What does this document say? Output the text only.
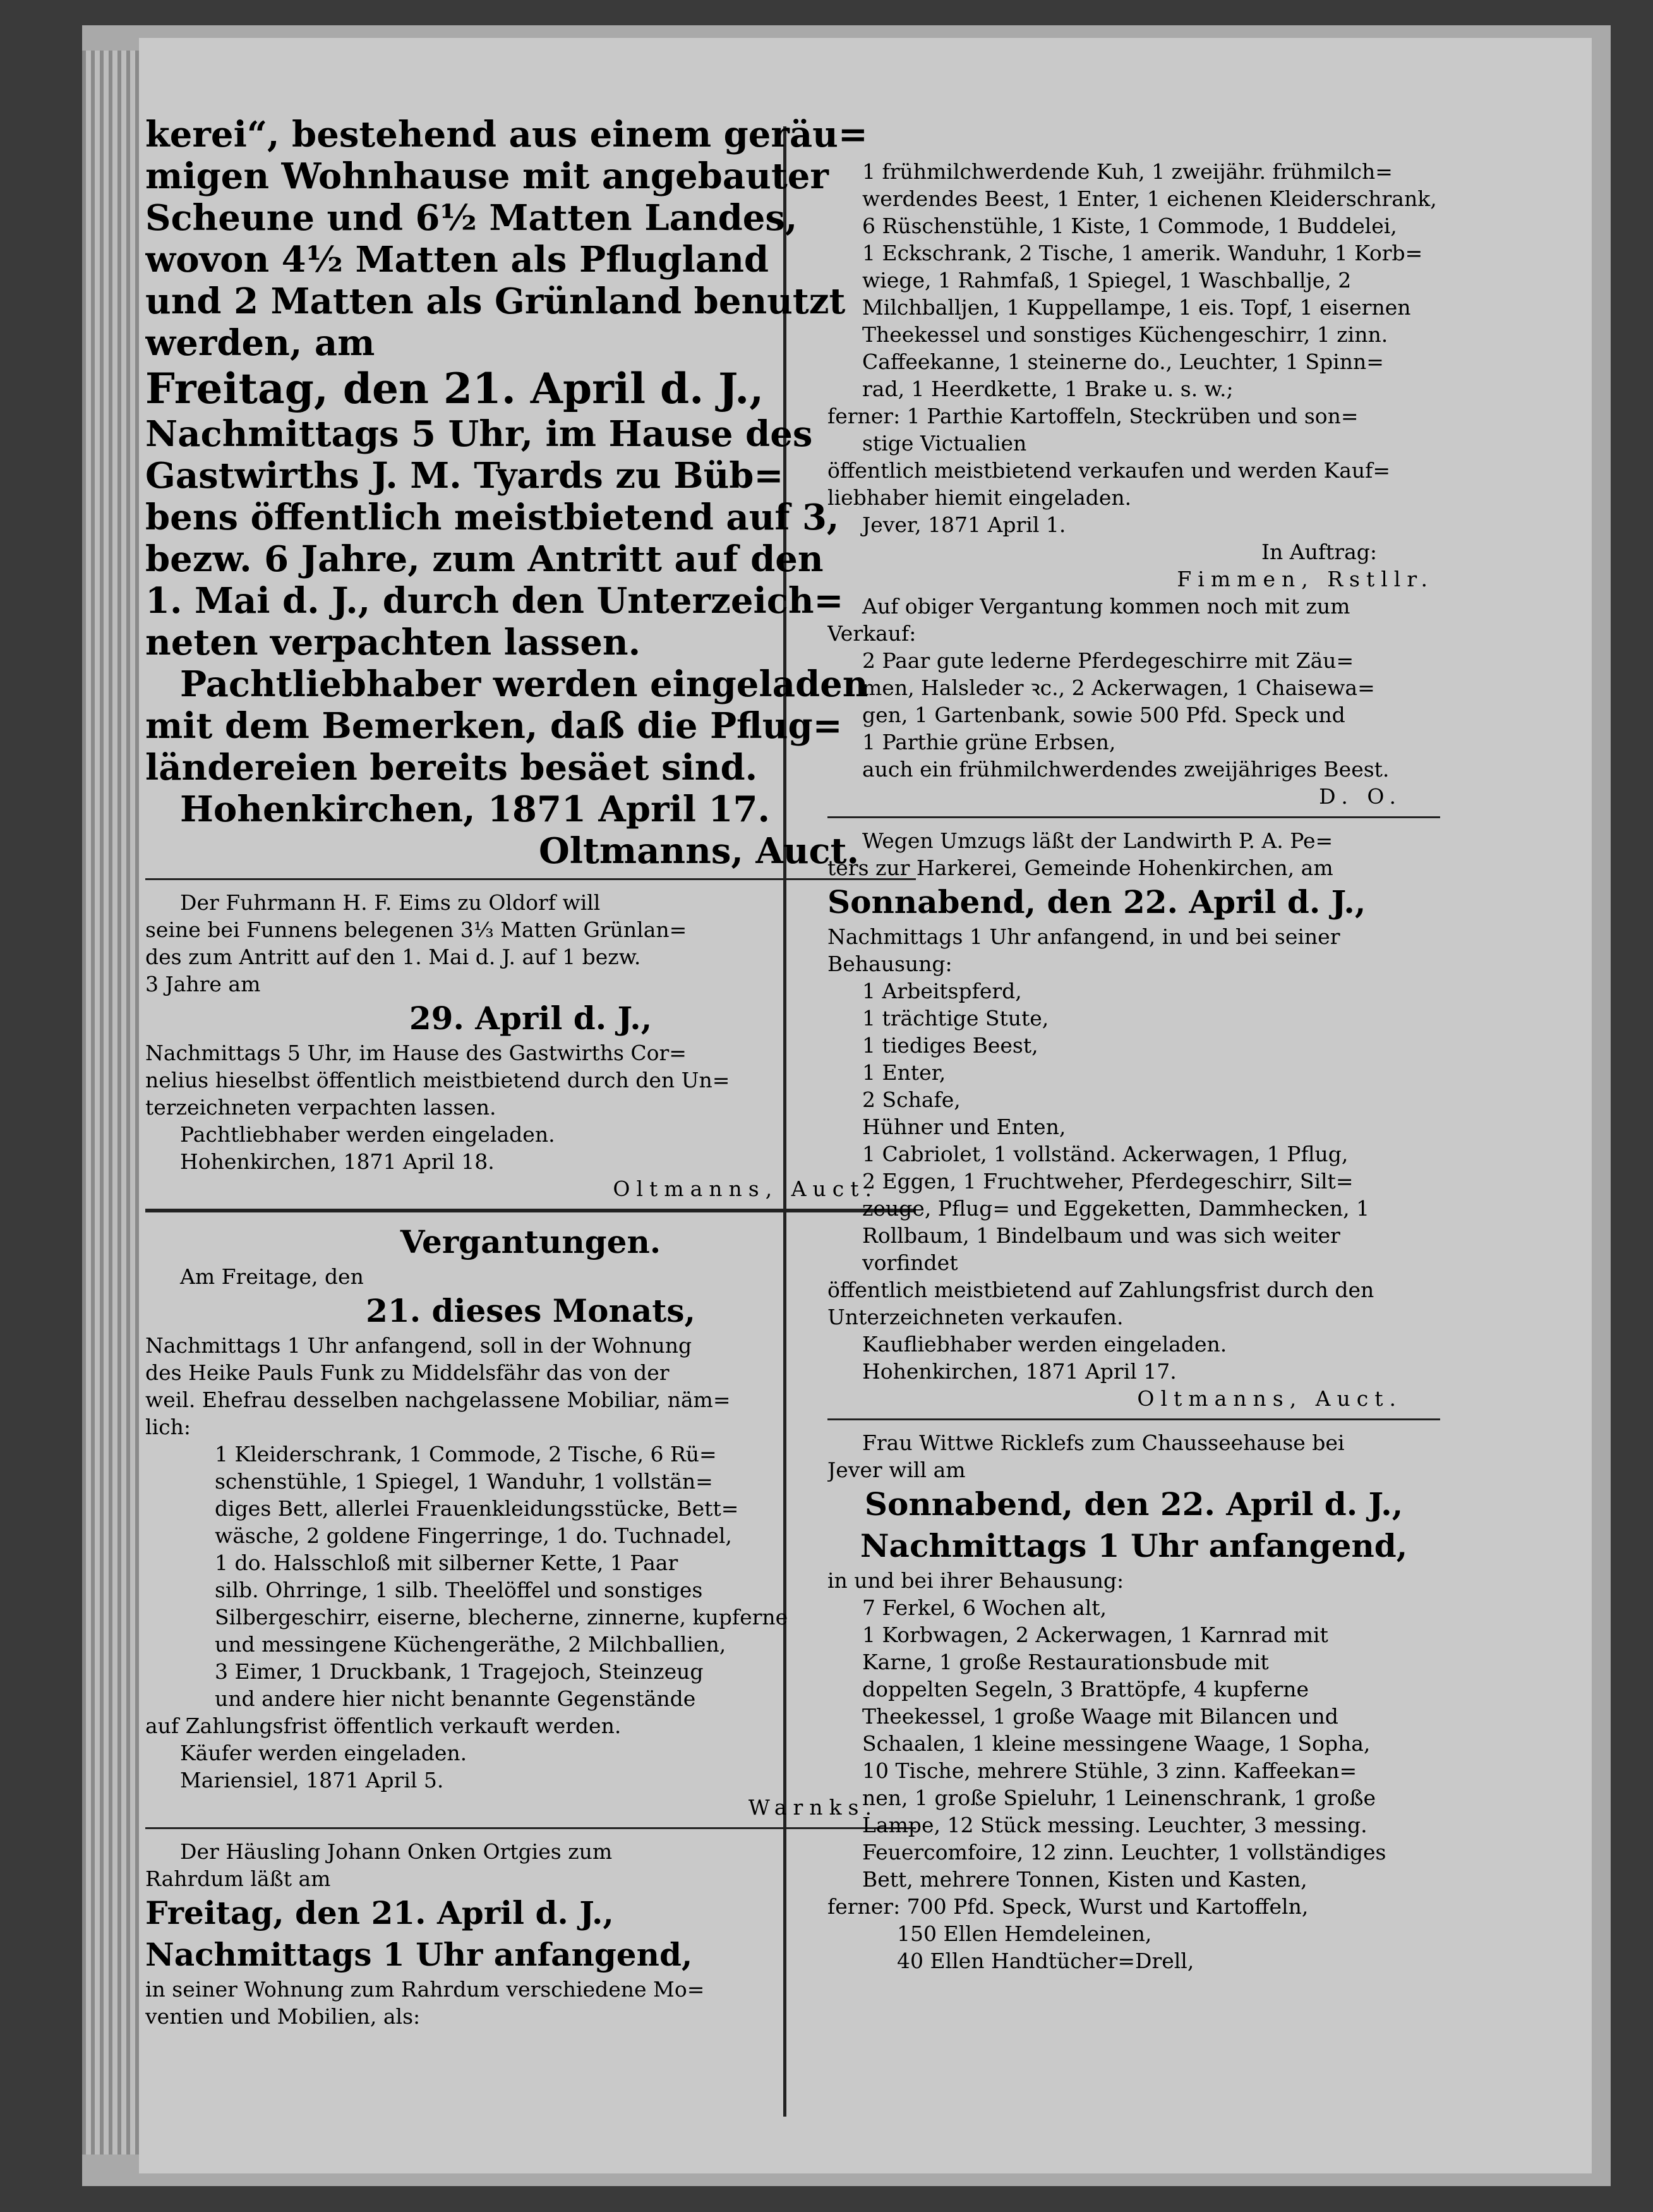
kerei“, bestehend aus einem geräu=
migen Wohnhause mit angebauter
Scheune und 6½ Matten Landes,
wovon 4½ Matten als Pflugland
und 2 Matten als Grünland benutzt
werden, am
Freitag, den 21. April d. J.,
Nachmittags 5 Uhr, im Hause des
Gastwirths J. M. Tyards zu Büb=
bens öffentlich meistbietend auf 3,
bezw. 6 Jahre, zum Antritt auf den
1. Mai d. J., durch den Unterzeich=
neten verpachten lassen.
Pachtliebhaber werden eingeladen
mit dem Bemerken, daß die Pflug=
ländereien bereits besäet sind.
Hohenkirchen, 1871 April 17.
Oltmanns, Auct.
Der Fuhrmann H. F. Eims zu Oldorf will
seine bei Funnens belegenen 3⅓ Matten Grünlan=
des zum Antritt auf den 1. Mai d. J. auf 1 bezw.
3 Jahre am
29. April d. J.,
Nachmittags 5 Uhr, im Hause des Gastwirths Cor=
nelius hieselbst öffentlich meistbietend durch den Un=
terzeichneten verpachten lassen.
Pachtliebhaber werden eingeladen.
Hohenkirchen, 1871 April 18.
Oltmanns, Auct.
Vergantungen.
Am Freitage, den
21. dieses Monats,
Nachmittags 1 Uhr anfangend, soll in der Wohnung
des Heike Pauls Funk zu Middelsfähr das von der
weil. Ehefrau desselben nachgelassene Mobiliar, näm=
lich:
1 Kleiderschrank, 1 Commode, 2 Tische, 6 Rü=
schenstühle, 1 Spiegel, 1 Wanduhr, 1 vollstän=
diges Bett, allerlei Frauenkleidungsstücke, Bett=
wäsche, 2 goldene Fingerringe, 1 do. Tuchnadel,
1 do. Halsschloß mit silberner Kette, 1 Paar
silb. Ohrringe, 1 silb. Theelöffel und sonstiges
Silbergeschirr, eiserne, blecherne, zinnerne, kupferne
und messingene Küchengeräthe, 2 Milchballien,
3 Eimer, 1 Druckbank, 1 Tragejoch, Steinzeug
und andere hier nicht benannte Gegenstände
auf Zahlungsfrist öffentlich verkauft werden.
Käufer werden eingeladen.
Mariensiel, 1871 April 5.
Warnks.
Der Häusling Johann Onken Ortgies zum
Rahrdum läßt am
Freitag, den 21. April d. J.,
Nachmittags 1 Uhr anfangend,
in seiner Wohnung zum Rahrdum verschiedene Mo=
ventien und Mobilien, als:
1 frühmilchwerdende Kuh, 1 zweijähr. frühmilch=
werdendes Beest, 1 Enter, 1 eichenen Kleiderschrank,
6 Rüschenstühle, 1 Kiste, 1 Commode, 1 Buddelei,
1 Eckschrank, 2 Tische, 1 amerik. Wanduhr, 1 Korb=
wiege, 1 Rahmfaß, 1 Spiegel, 1 Waschballje, 2
Milchballjen, 1 Kuppellampe, 1 eis. Topf, 1 eisernen
Theekessel und sonstiges Küchengeschirr, 1 zinn.
Caffeekanne, 1 steinerne do., Leuchter, 1 Spinn=
rad, 1 Heerdkette, 1 Brake u. s. w.;
ferner: 1 Parthie Kartoffeln, Steckrüben und son=
stige Victualien
öffentlich meistbietend verkaufen und werden Kauf=
liebhaber hiemit eingeladen.
Jever, 1871 April 1.
In Auftrag:
Fimmen, Rstllr.
Auf obiger Vergantung kommen noch mit zum
Verkauf:
2 Paar gute lederne Pferdegeschirre mit Zäu=
men, Halsleder ꝛc., 2 Ackerwagen, 1 Chaisewa=
gen, 1 Gartenbank, sowie 500 Pfd. Speck und
1 Parthie grüne Erbsen,
auch ein frühmilchwerdendes zweijähriges Beest.
D. O.
Wegen Umzugs läßt der Landwirth P. A. Pe=
ters zur Harkerei, Gemeinde Hohenkirchen, am
Sonnabend, den 22. April d. J.,
Nachmittags 1 Uhr anfangend, in und bei seiner
Behausung:
1 Arbeitspferd,
1 trächtige Stute,
1 tiediges Beest,
1 Enter,
2 Schafe,
Hühner und Enten,
1 Cabriolet, 1 vollständ. Ackerwagen, 1 Pflug,
2 Eggen, 1 Fruchtweher, Pferdegeschirr, Silt=
zeuge, Pflug= und Eggeketten, Dammhecken, 1
Rollbaum, 1 Bindelbaum und was sich weiter
vorfindet
öffentlich meistbietend auf Zahlungsfrist durch den
Unterzeichneten verkaufen.
Kaufliebhaber werden eingeladen.
Hohenkirchen, 1871 April 17.
Oltmanns, Auct.
Frau Wittwe Ricklefs zum Chausseehause bei
Jever will am
Sonnabend, den 22. April d. J.,
Nachmittags 1 Uhr anfangend,
in und bei ihrer Behausung:
7 Ferkel, 6 Wochen alt,
1 Korbwagen, 2 Ackerwagen, 1 Karnrad mit
Karne, 1 große Restaurationsbude mit
doppelten Segeln, 3 Brattöpfe, 4 kupferne
Theekessel, 1 große Waage mit Bilancen und
Schaalen, 1 kleine messingene Waage, 1 Sopha,
10 Tische, mehrere Stühle, 3 zinn. Kaffeekan=
nen, 1 große Spieluhr, 1 Leinenschrank, 1 große
Lampe, 12 Stück messing. Leuchter, 3 messing.
Feuercomfoire, 12 zinn. Leuchter, 1 vollständiges
Bett, mehrere Tonnen, Kisten und Kasten,
ferner: 700 Pfd. Speck, Wurst und Kartoffeln,
150 Ellen Hemdeleinen,
40 Ellen Handtücher=Drell,
